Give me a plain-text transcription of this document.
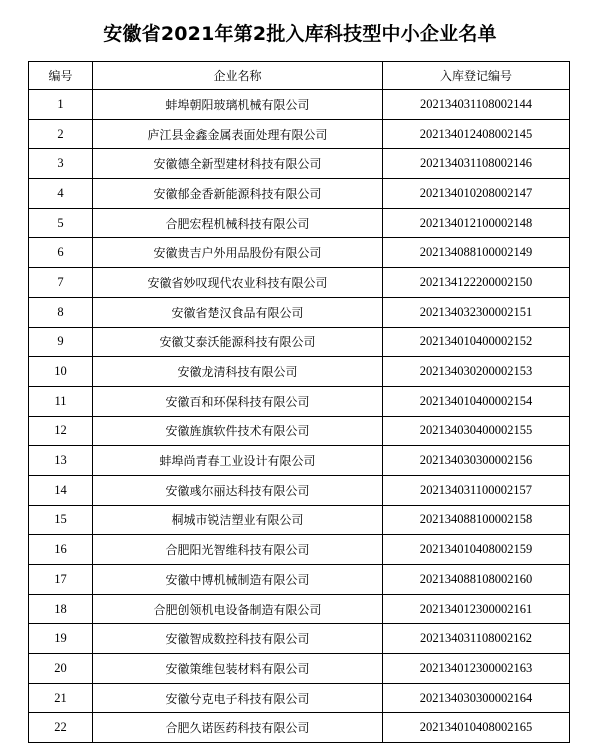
安徽省2021年第2批入库科技型中小企业名单
编号	企业名称	入库登记编号
1	蚌埠朝阳玻璃机械有限公司	202134031108002144
2	庐江县金鑫金属表面处理有限公司	202134012408002145
3	安徽德全新型建材科技有限公司	202134031108002146
4	安徽郁金香新能源科技有限公司	202134010208002147
5	合肥宏程机械科技有限公司	202134012100002148
6	安徽贵吉户外用品股份有限公司	202134088100002149
7	安徽省妙叹现代农业科技有限公司	202134122200002150
8	安徽省楚汉食品有限公司	202134032300002151
9	安徽艾泰沃能源科技有限公司	202134010400002152
10	安徽龙清科技有限公司	202134030200002153
11	安徽百和环保科技有限公司	202134010400002154
12	安徽旌旗软件技术有限公司	202134030400002155
13	蚌埠尚青春工业设计有限公司	202134030300002156
14	安徽彧尔丽达科技有限公司	202134031100002157
15	桐城市锐洁塑业有限公司	202134088100002158
16	合肥阳光智维科技有限公司	202134010408002159
17	安徽中博机械制造有限公司	202134088108002160
18	合肥创领机电设备制造有限公司	202134012300002161
19	安徽智成数控科技有限公司	202134031108002162
20	安徽策维包装材料有限公司	202134012300002163
21	安徽兮克电子科技有限公司	202134030300002164
22	合肥久诺医药科技有限公司	202134010408002165
